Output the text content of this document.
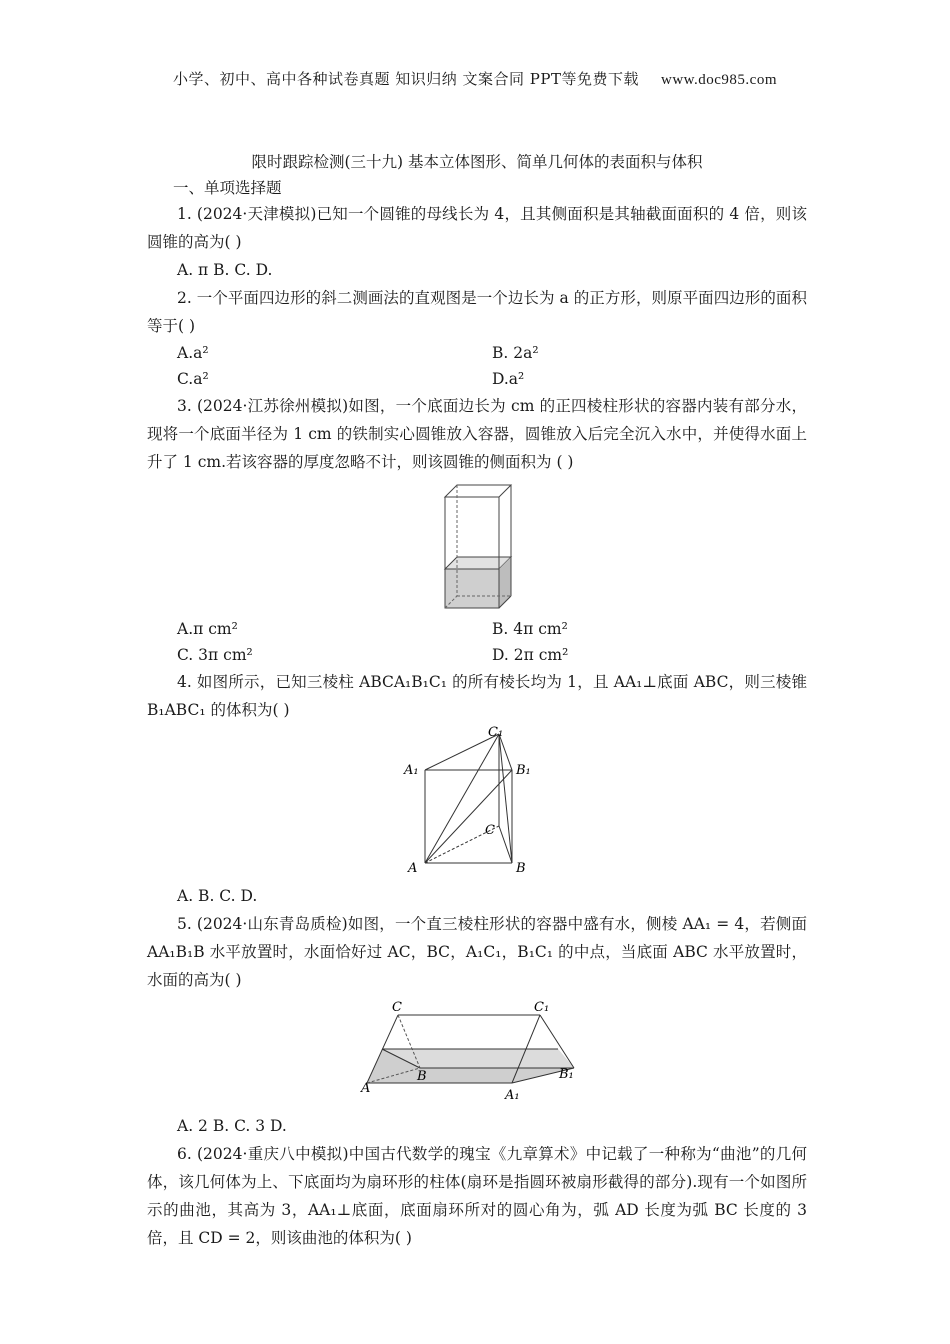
小学、初中、高中各种试卷真题 知识归纳 文案合同 PPT等免费下载 www.doc985.com
限时跟踪检测(三十九) 基本立体图形、简单几何体的表面积与体积
一、单项选择题

1. (2024·天津模拟)已知一个圆锥的母线长为 4，且其侧面积是其轴截面面积的 4 倍，则该圆锥的高为( )

A. π B. C. D.

2. 一个平面四边形的斜二测画法的直观图是一个边长为 a 的正方形，则原平面四边形的面积等于( )

A.a²	B. 2a²
C.a²	D.a²

3. (2024·江苏徐州模拟)如图，一个底面边长为 cm 的正四棱柱形状的容器内装有部分水，现将一个底面半径为 1 cm 的铁制实心圆锥放入容器，圆锥放入后完全沉入水中，并使得水面上升了 1 cm.若该容器的厚度忽略不计，则该圆锥的侧面积为 ( )

A.π cm²	B. 4π cm²
C. 3π cm²	D. 2π cm²

4. 如图所示，已知三棱柱 ABCA₁B₁C₁ 的所有棱长均为 1，且 AA₁⊥底面 ABC，则三棱锥 B₁ABC₁ 的体积为( )

C₁
A₁	B₁
C
A	B
A. B. C. D.

5. (2024·山东青岛质检)如图，一个直三棱柱形状的容器中盛有水，侧棱 AA₁ = 4，若侧面 AA₁B₁B 水平放置时，水面恰好过 AC，BC，A₁C₁，B₁C₁ 的中点，当底面 ABC 水平放置时，水面的高为( )

C	C₁
B	B₁
A	A₁
A. 2 B. C. 3 D.

6. (2024·重庆八中模拟)中国古代数学的瑰宝《九章算术》中记载了一种称为“曲池”的几何体，该几何体为上、下底面均为扇环形的柱体(扇环是指圆环被扇形截得的部分).现有一个如图所示的曲池，其高为 3，AA₁⊥底面，底面扇环所对的圆心角为，弧 AD 长度为弧 BC 长度的 3 倍，且 CD = 2，则该曲池的体积为( )
